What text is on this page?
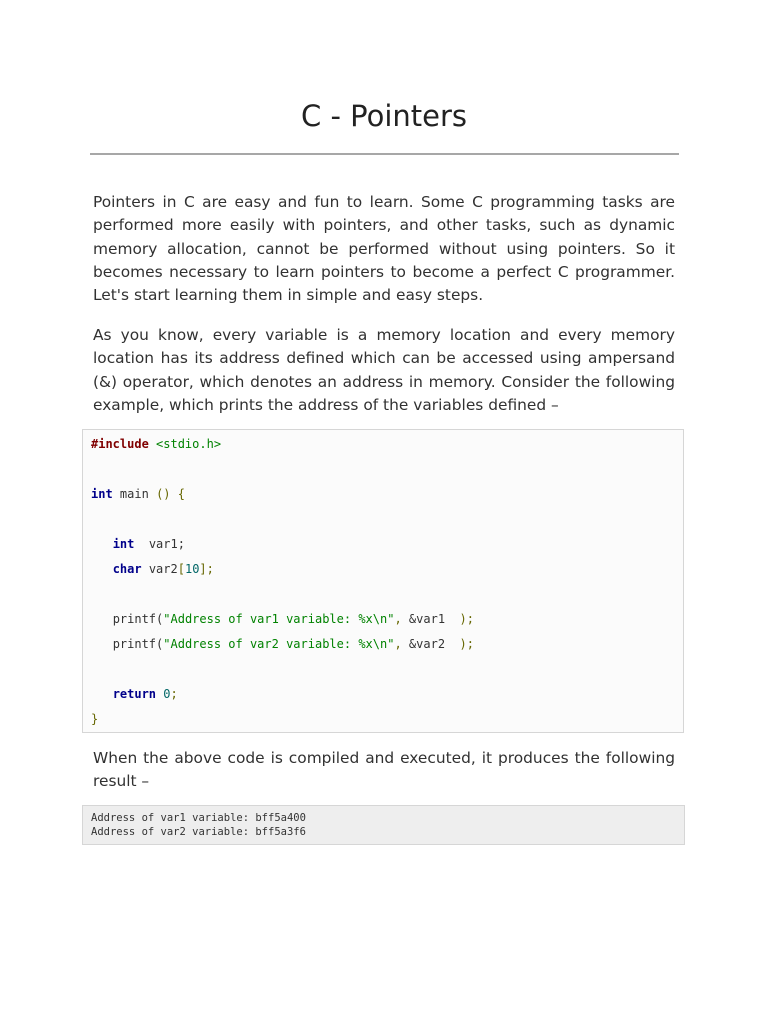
C - Pointers

Pointers in C are easy and fun to learn. Some C programming tasks are performed more easily with pointers, and other tasks, such as dynamic memory allocation, cannot be performed without using pointers. So it becomes necessary to learn pointers to become a perfect C programmer. Let's start learning them in simple and easy steps.

As you know, every variable is a memory location and every memory location has its address defined which can be accessed using ampersand (&) operator, which denotes an address in memory. Consider the following example, which prints the address of the variables defined –

#include <stdio.h>
int main () {
int var1;
char var2[10];
printf("Address of var1 variable: %x\n", &var1 );
printf("Address of var2 variable: %x\n", &var2 );
return 0;
}

When the above code is compiled and executed, it produces the following result –

Address of var1 variable: bff5a400
Address of var2 variable: bff5a3f6
